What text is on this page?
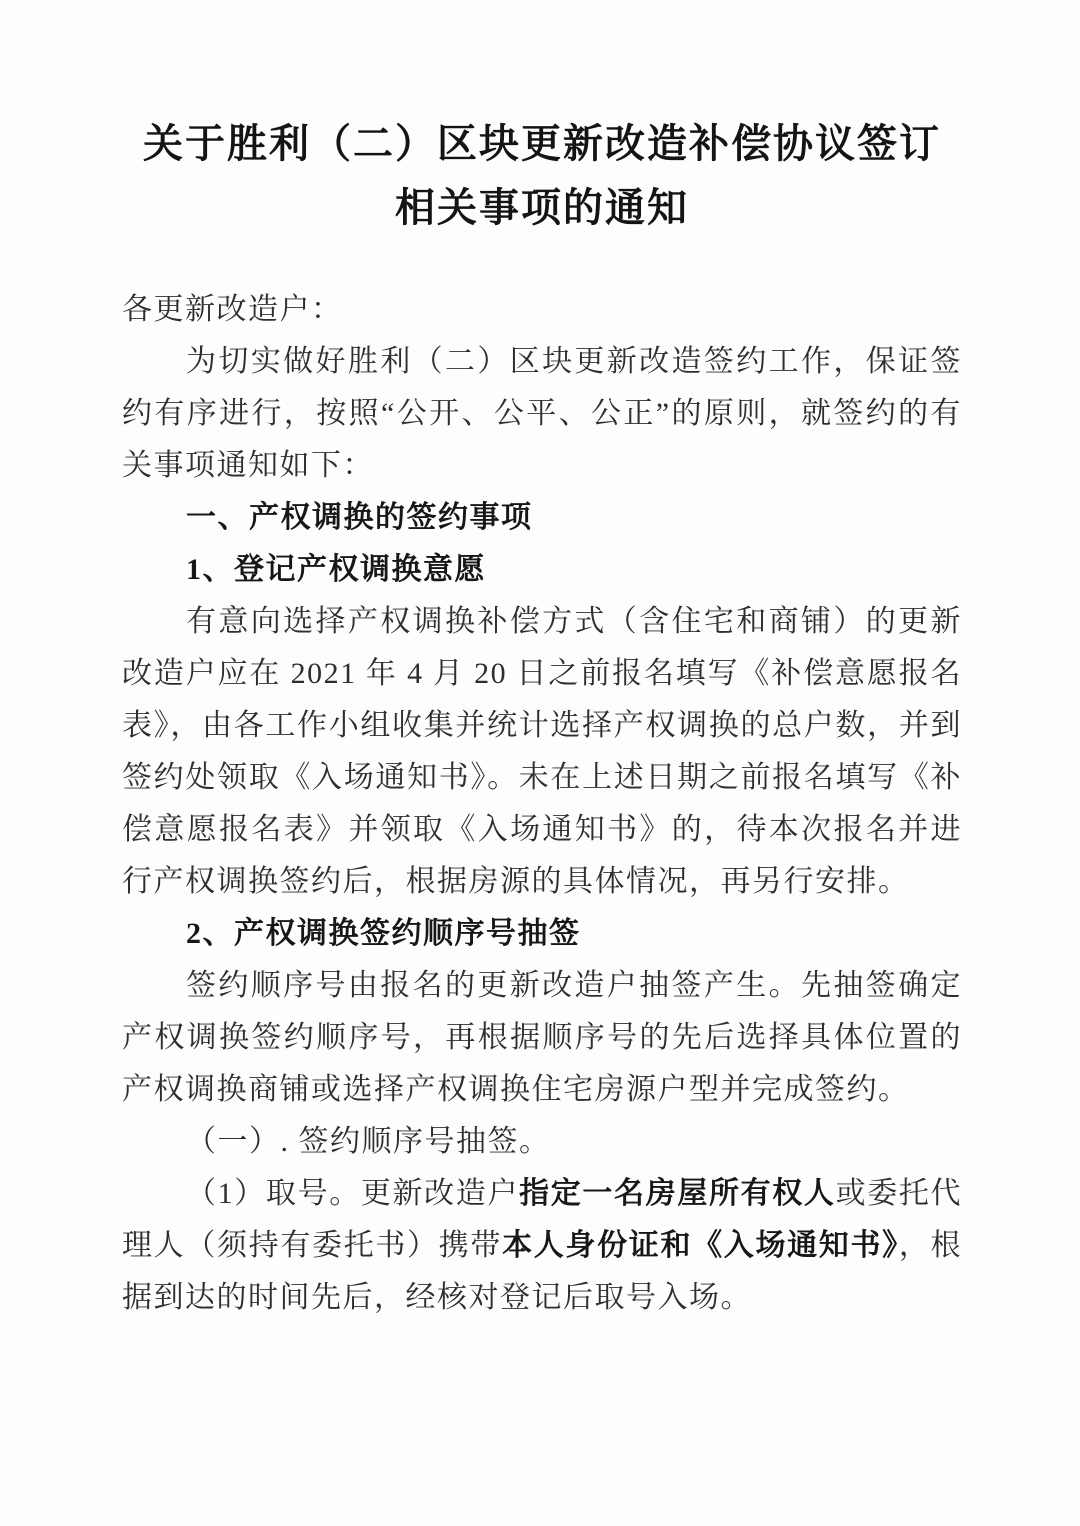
关于胜利（二）区块更新改造补偿协议签订
相关事项的通知

各更新改造户：

为切实做好胜利（二）区块更新改造签约工作，保证签约有序进行，按照“公开、公平、公正”的原则，就签约的有关事项通知如下：

一、产权调换的签约事项
1、登记产权调换意愿

有意向选择产权调换补偿方式（含住宅和商铺）的更新改造户应在 2021 年 4 月 20 日之前报名填写《补偿意愿报名表》，由各工作小组收集并统计选择产权调换的总户数，并到签约处领取《入场通知书》。未在上述日期之前报名填写《补偿意愿报名表》并领取《入场通知书》的，待本次报名并进行产权调换签约后，根据房源的具体情况，再另行安排。

2、产权调换签约顺序号抽签

签约顺序号由报名的更新改造户抽签产生。先抽签确定产权调换签约顺序号，再根据顺序号的先后选择具体位置的产权调换商铺或选择产权调换住宅房源户型并完成签约。

（一）. 签约顺序号抽签。

（1）取号。更新改造户指定一名房屋所有权人或委托代理人（须持有委托书）携带本人身份证和《入场通知书》，根据到达的时间先后，经核对登记后取号入场。
